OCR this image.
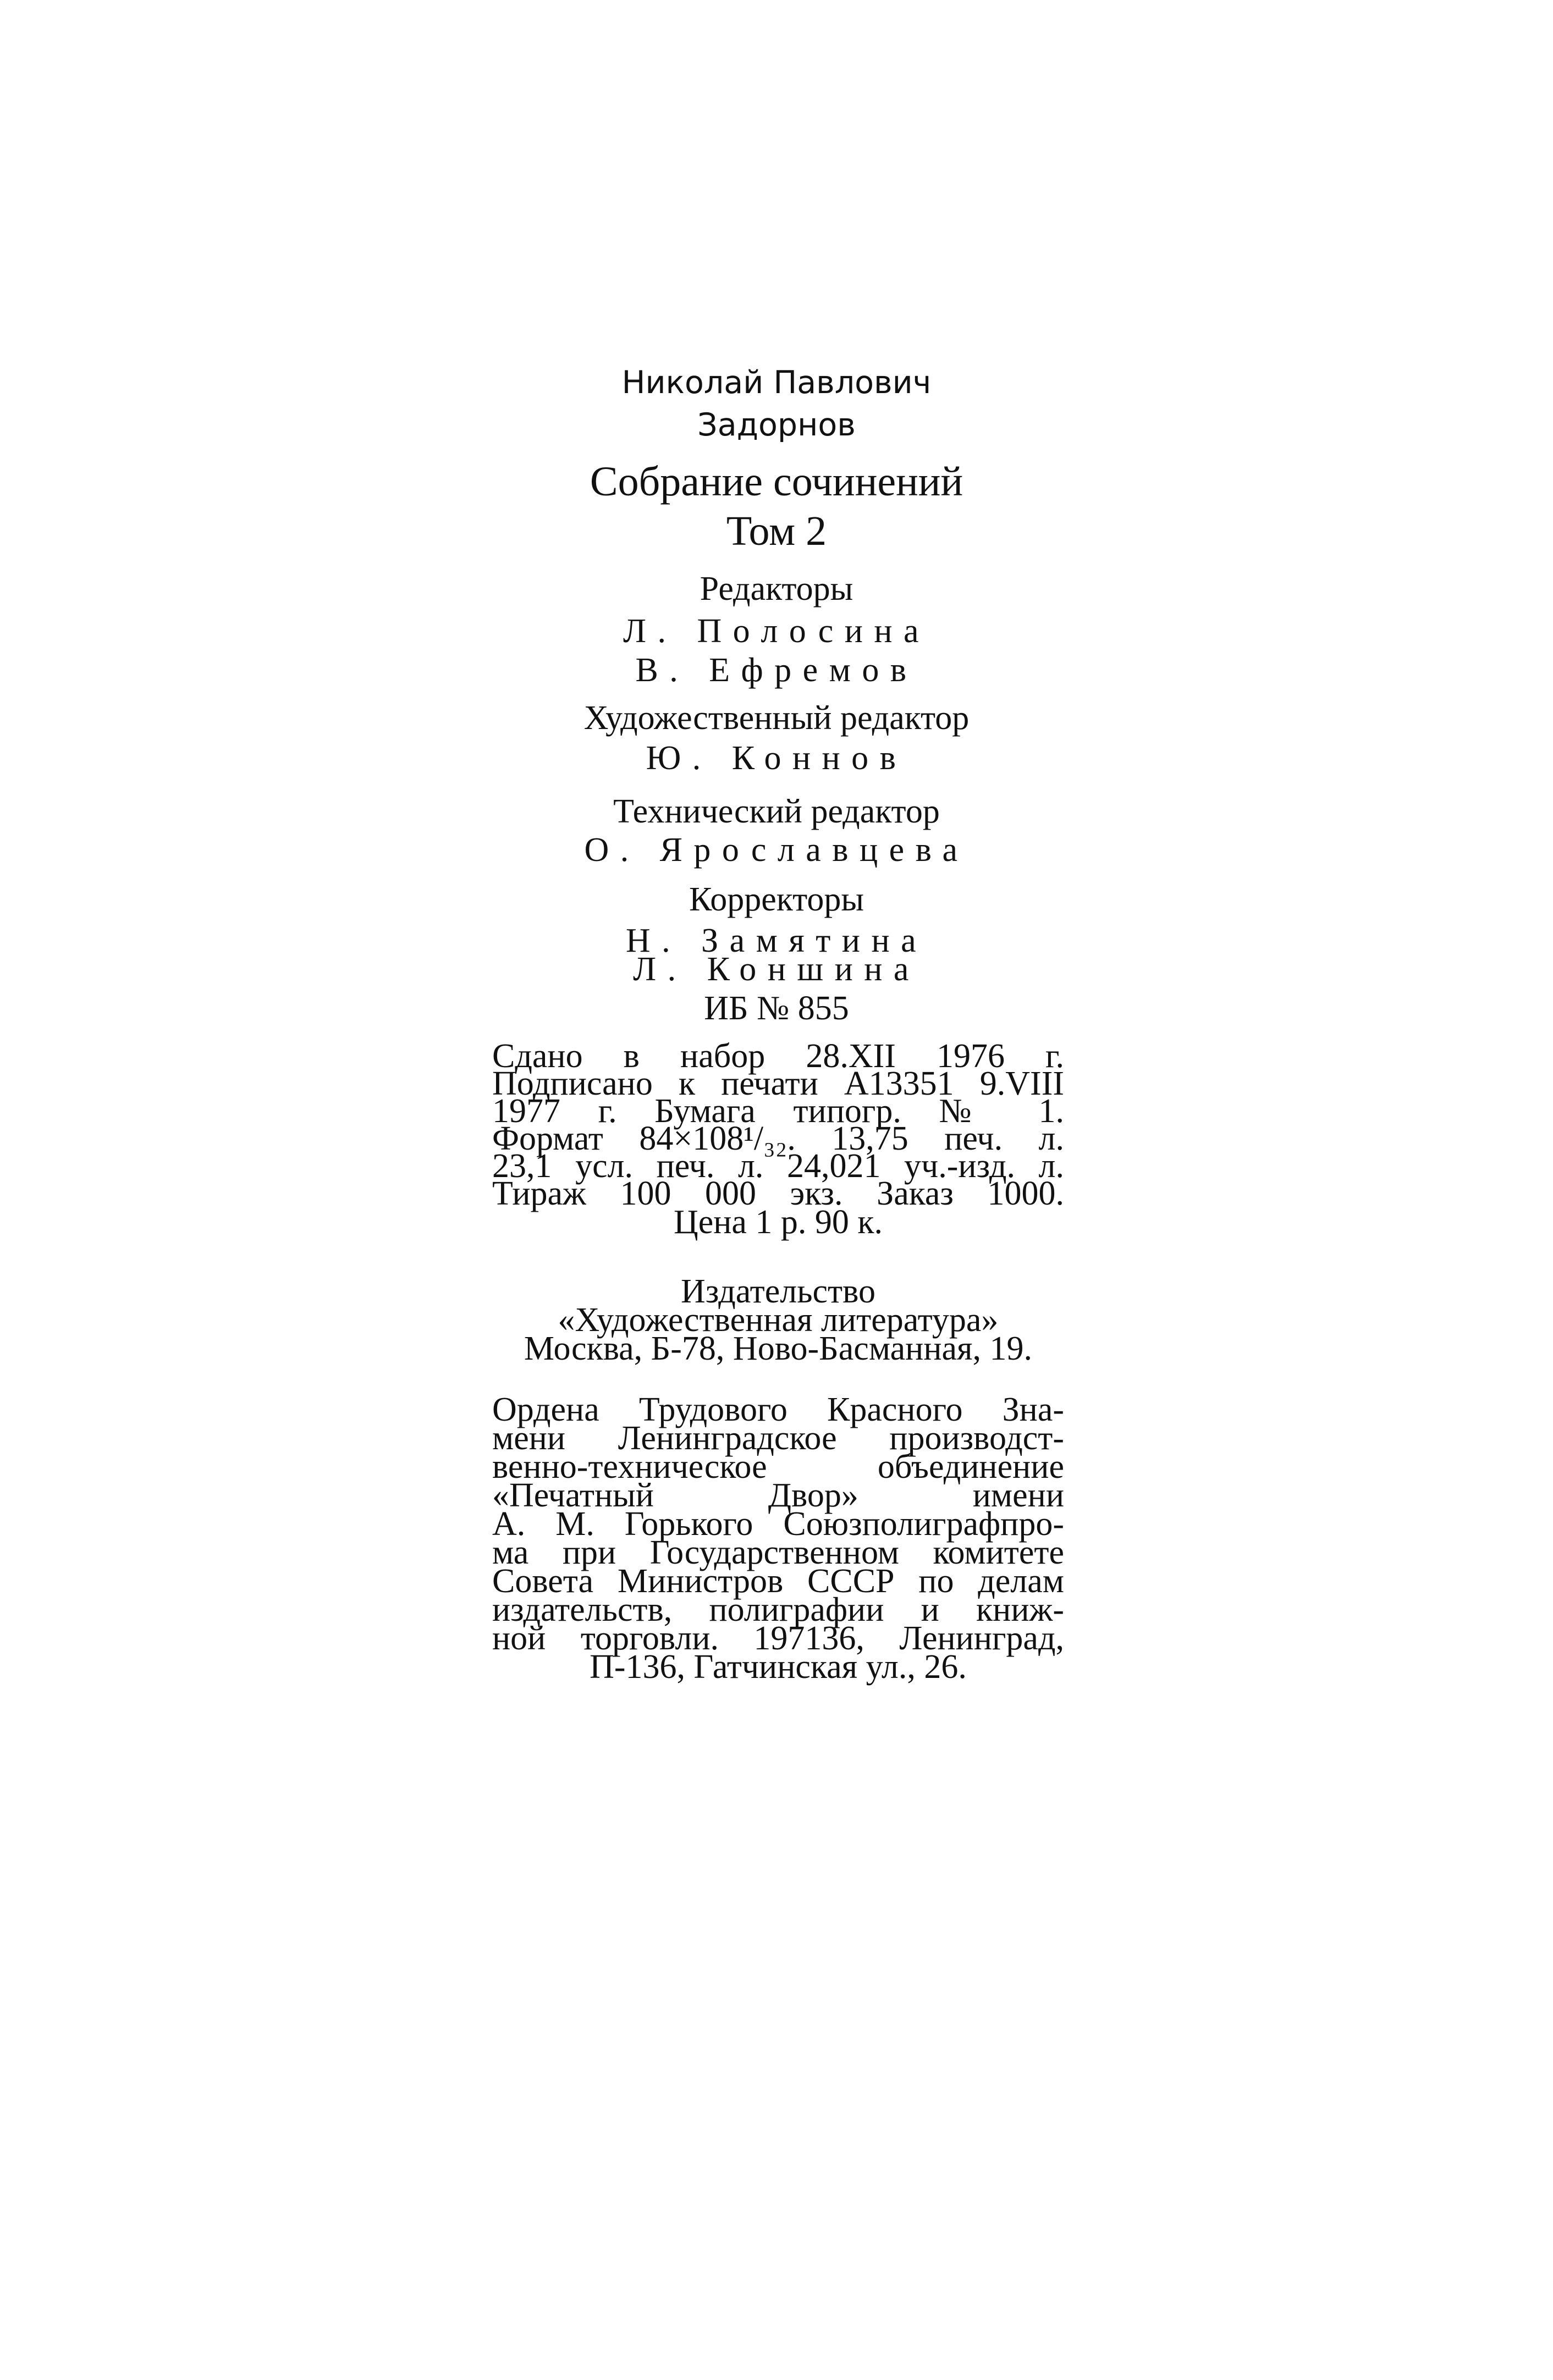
Николай Павлович
Задорнов
Собрание сочинений
Том 2
Редакторы
Л. Полосина
В. Ефремов
Художественный редактор
Ю. Коннов
Технический редактор
О. Ярославцева
Корректоры
Н. Замятина
Л. Коншина
ИБ № 855
Сдано в набор 28.XII 1976 г.
Подписано к печати А13351 9.VIII
1977 г. Бумага типогр. № 1.
Формат 84×108¹/₃₂. 13,75 печ. л.
23,1 усл. печ. л. 24,021 уч.-изд. л.
Тираж 100 000 экз. Заказ 1000.
Цена 1 р. 90 к.
Издательство
«Художественная литература»
Москва, Б-78, Ново-Басманная, 19.
Ордена Трудового Красного Зна-
мени Ленинградское производст-
венно-техническое объединение
«Печатный Двор» имени
А. М. Горького Союзполиграфпро-
ма при Государственном комитете
Совета Министров СССР по делам
издательств, полиграфии и книж-
ной торговли. 197136, Ленинград,
П-136, Гатчинская ул., 26.
